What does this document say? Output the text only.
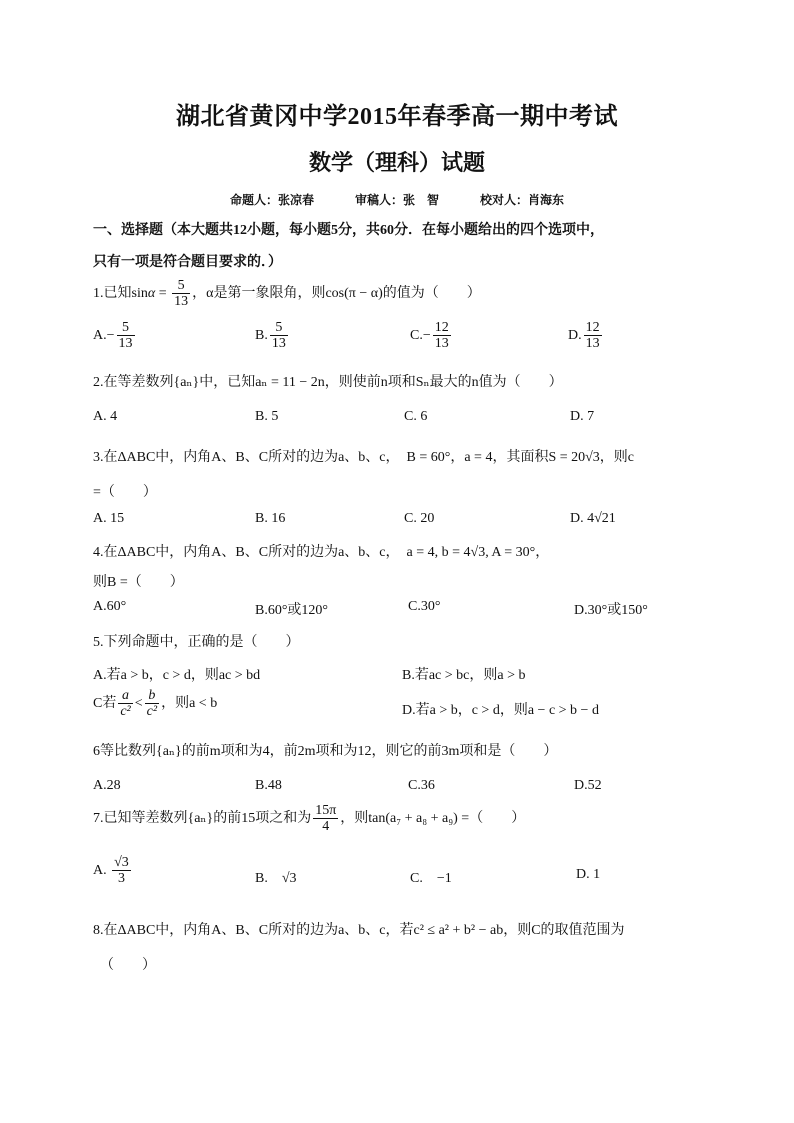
湖北省黄冈中学2015年春季高一期中考试
数学（理科）试题
命题人：张凉春	审稿人：张　智	校对人：肖海东
一、选择题（本大题共12小题，每小题5分，共60分．在每小题给出的四个选项中，
只有一项是符合题目要求的．）
1.已知$\sin\alpha = \frac{5}{13}$ ，α是第一象限角，则cos(π − α)的值为（　　）
$A.- \frac{5}{13}$	B. $\frac{5}{13}$	$C.- \frac{12}{13}$	D. $\frac{12}{13}$
2.在等差数列{aₙ}中，已知aₙ = 11 − 2n，则使前n项和Sₙ最大的n值为（　　）
A. 4	B. 5	C. 6	D. 7
3.在ΔABC中，内角A、B、C所对的边为a、b、c，　B = 60°，a = 4，其面积S = 20√3，则c
=（　　）
A. 15	B. 16	C. 20	D. 4√21
4.在ΔABC中，内角A、B、C所对的边为a、b、c，　a = 4, b = 4√3, A = 30°，
则B =（　　）
A.60°	B.60°或120°	C.30°	D.30°或150°
5.下列命题中，正确的是（　　）
A.若a > b，c > d，则ac > bd	B.若ac > bc，则a > b
C若 $\frac{a}{\text{c²}} < \frac{b}{\text{c²}}$ ，则a < b	D.若a > b，c > d，则a − c > b − d
6等比数列{aₙ}的前m项和为4，前2m项和为12，则它的前3m项和是（　　）
A.28	B.48	C.36	D.52
7.已知等差数列{aₙ}的前15项之和为 $\frac{15\pi}{4}$ ，则tan(a₇ + a₈ + a₉) =（　　）
A. $\frac{√3}{3}$	B.　√3	C.　−1	D. 1
8.在ΔABC中，内角A、B、C所对的边为a、b、c，若c² ≤ a² + b² − ab，则C的取值范围为
（　　）
